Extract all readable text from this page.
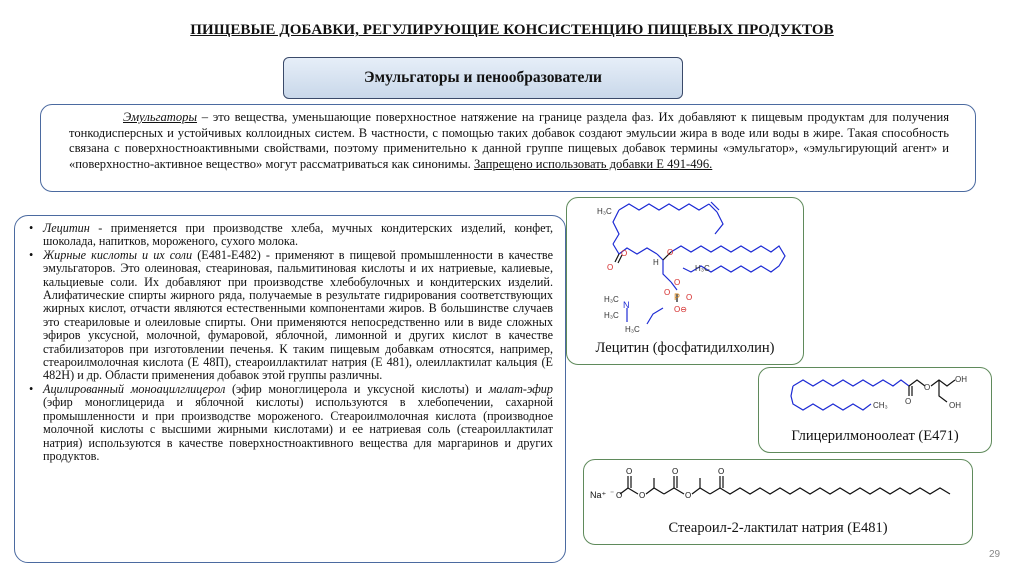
ПИЩЕВЫЕ ДОБАВКИ, РЕГУЛИРУЮЩИЕ КОНСИСТЕНЦИЮ ПИЩЕВЫХ ПРОДУКТОВ
Эмульгаторы и пенообразователи
Эмульгаторы – это вещества, уменьшающие поверхностное натяжение на границе раздела фаз. Их добавляют к пищевым продуктам для получения тонкодисперсных и устойчивых коллоидных систем. В частности, с помощью таких добавок создают эмульсии жира в воде или воды в жире. Такая способность связана с поверхностноактивными свойствами, поэтому применительно к данной группе пищевых добавок термины «эмульгатор», «эмульгирующий агент» и «поверхностно-активное вещество» могут рассматриваться как синонимы. Запрещено использовать добавки Е 491-496.
• Лецитин - применяется при производстве хлеба, мучных кондитерских изделий, конфет, шоколада, напитков, мороженого, сухого молока.
• Жирные кислоты и их соли (Е481-Е482) - применяют в пищевой промышленности в качестве эмульгаторов. Это олеиновая, стеариновая, пальмитиновая кислоты и их натриевые, калиевые, кальциевые соли. Их добавляют при производстве хлебобулочных и кондитерских изделий. Алифатические спирты жирного ряда, получаемые в результате гидрирования соответствующих жирных кислот, отчасти являются естественными компонентами жиров. В большинстве случаев это стеариловые и олеиловые спирты. Они применяются непосредственно или в виде сложных эфиров уксусной, молочной, фумаровой, яблочной, лимонной и других кислот в качестве стабилизаторов при изготовлении печенья. К таким пищевым добавкам относятся, например, стеароилмолочная кислота (Е 48П), стеароиллактилат натрия (Е 481), олеиллактилат кальция (Е 482Н) и др. Области применения добавок этой группы различны.
• Ацилированный моноацилглицерол (эфир моноглицерола и уксусной кислоты) и малат-эфир (эфир моноглицерида и яблочной кислоты) используются в хлебопечении, сахарной промышленности и при производстве мороженого. Стеароилмолочная кислота (производное молочной кислоты с высшими жирными кислотами) и ее натриевая соль (стеароиллактилат натрия) используются в качестве поверхностноактивного вещества для маргаринов и других продуктов.
H₃C
H
O
O	O
H₃C
O
P
O
O
O⊖
H₃C
H₃C
N
H₃C
Лецитин (фосфатидилхолин)
CH₃ O
O
OH
OH
Глицерилмоноолеат (Е471)
Na⁺ ⁻ O
O
O
O
O
O
Стеароил-2-лактилат натрия (Е481)
29
